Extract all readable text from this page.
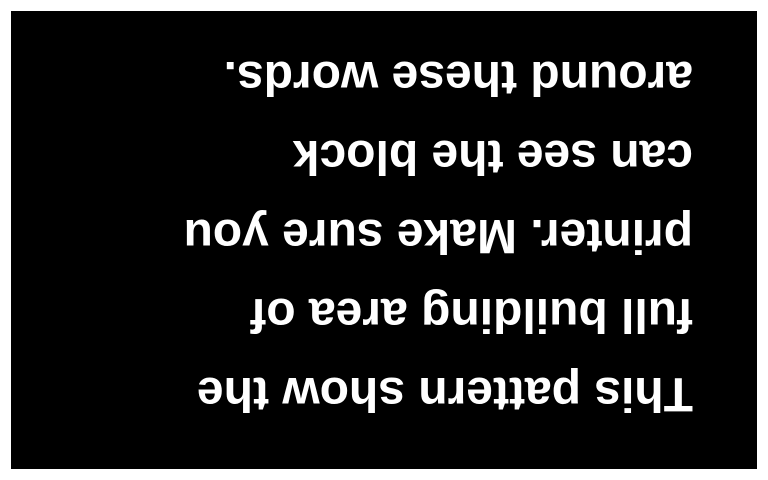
This pattern show the

full building area of

printer. Make sure you

can see the block

around these words.
